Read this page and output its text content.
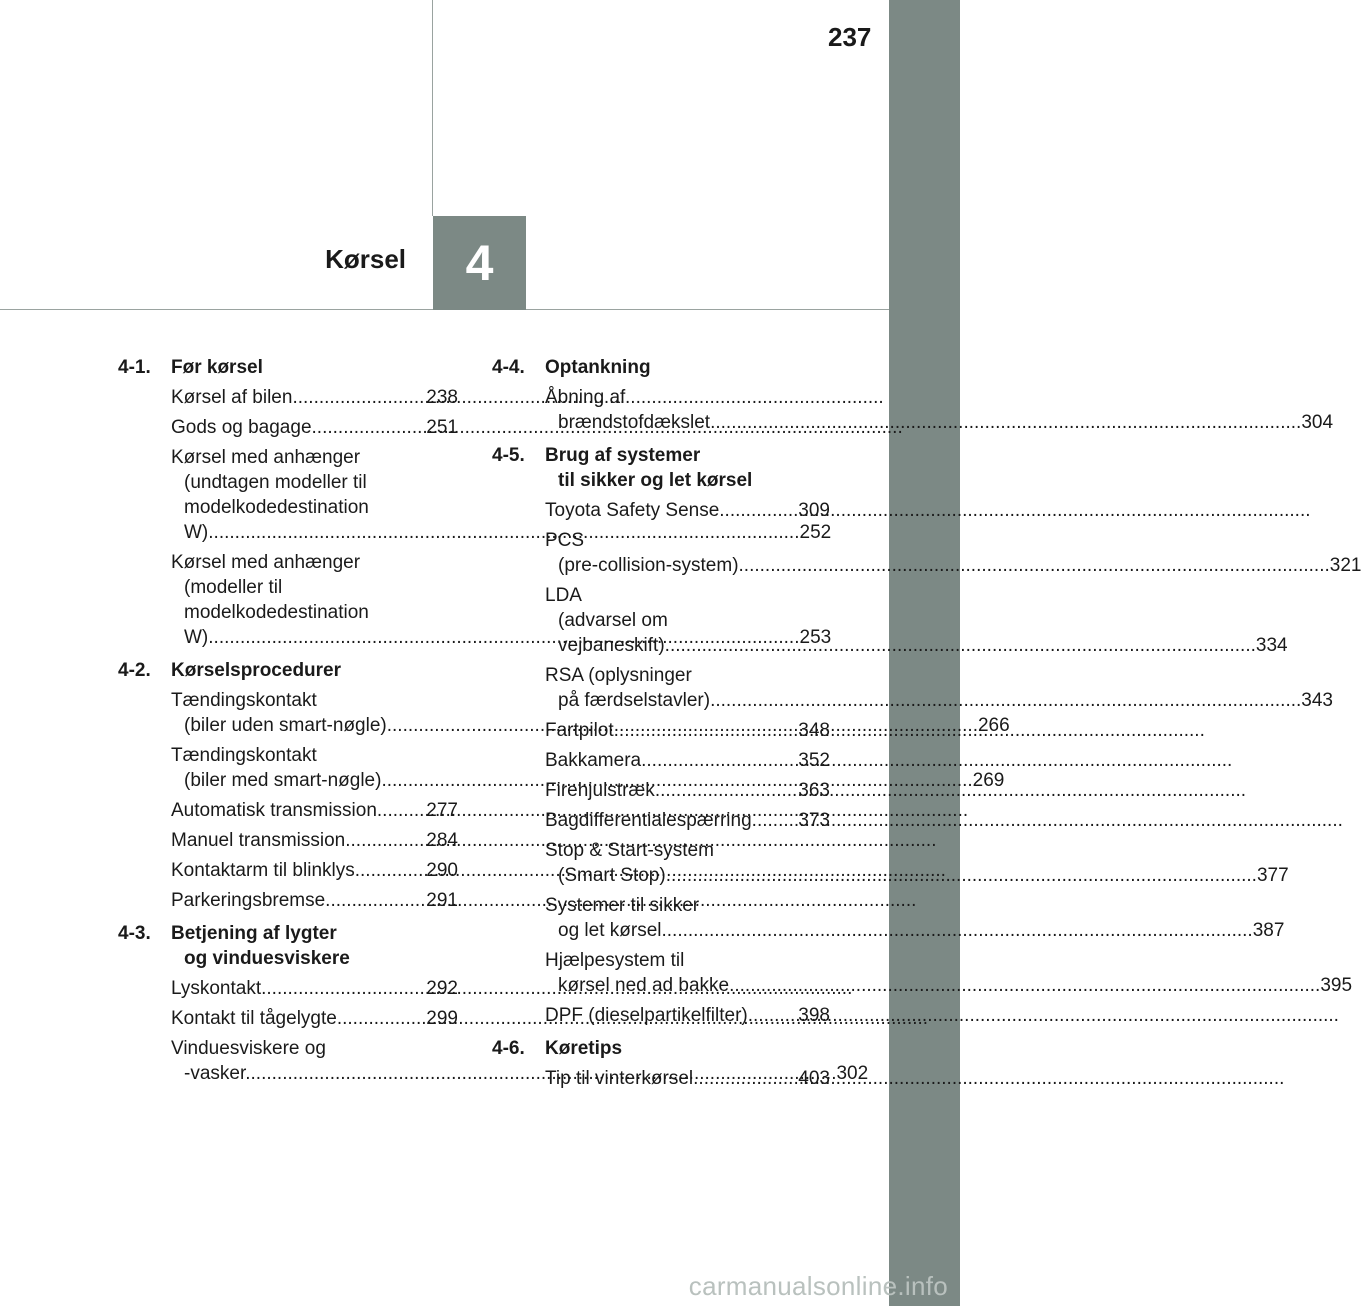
237
Kørsel 4
4-1.	Før kørsel
Kørsel af bilen .....	238
Gods og bagage .....	251
Kørsel med anhænger
(undtagen modeller til
modelkodedestination
W) .....	252
Kørsel med anhænger
(modeller til
modelkodedestination
W) .....	253
4-2.	Kørselsprocedurer
Tændingskontakt
(biler uden smart-nøgle) .....	266
Tændingskontakt
(biler med smart-nøgle) .....	269
Automatisk transmission .....	277
Manuel transmission .....	284
Kontaktarm til blinklys .....	290
Parkeringsbremse .....	291
4-3.	Betjening af lygter
og vinduesviskere
Lyskontakt .....	292
Kontakt til tågelygte .....	299
Vinduesviskere og
-vasker .....	302
4-4.	Optankning
Åbning af
brændstofdækslet .....	304
4-5.	Brug af systemer
til sikker og let kørsel
Toyota Safety Sense .....	309
PCS
(pre-collision-system) .....	321
LDA
(advarsel om
vejbaneskift) .....	334
RSA (oplysninger
på færdselstavler) .....	343
Fartpilot .....	348
Bakkamera .....	352
Firehjulstræk .....	363
Bagdifferentialespærring ..... 373
Stop & Start-system
(Smart Stop) .....	377
Systemer til sikker
og let kørsel .....	387
Hjælpesystem til
kørsel ned ad bakke .....	395
DPF (dieselpartikelfilter) .....	398
4-6.	Køretips
Tip til vinterkørsel .....	403
carmanualsonline.info
